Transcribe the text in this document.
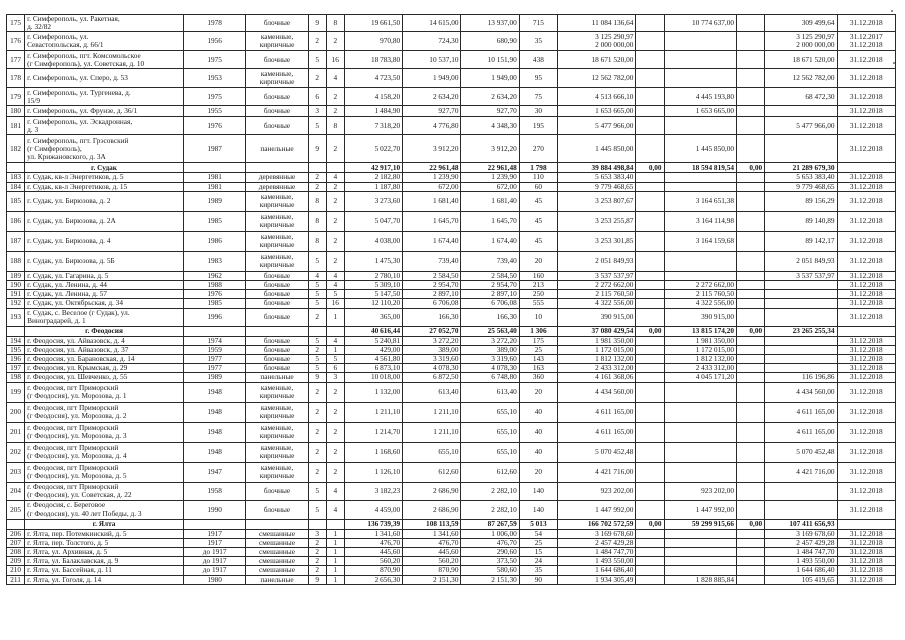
175	г. Симферополь, ул. Ракетная,
д. 32/82	1978	блочные	9	8	19 661,50	14 615,00	13 937,00	715	11 084 136,64		10 774 637,00		309 499,64	31.12.2018
176	г. Симферополь, ул.
Севастопольская, д. 66/1	1956	каменные,
кирпичные	2	2	970,80	724,30	680,90	35	3 125 290,97
2 000 000,00				3 125 290,97
2 000 000,00	31.12.2017
31.12.2018
177	г. Симферополь, пгт. Комсомольское
(г Симферополь), ул. Советская, д. 10	1975	блочные	5	16	18 783,80	10 537,10	10 151,90	438	18 671 520,00				18 671 520,00	31.12.2018
178	г. Симферополь, ул. Сперо, д. 53	1953	каменные,
кирпичные	2	4	4 723,50	1 949,00	1 949,00	95	12 562 782,00				12 562 782,00	31.12.2018
179	г. Симферополь, ул. Тургенева, д.
15/9	1975	блочные	6	2	4 158,20	2 634,20	2 634,20	75	4 513 666,10		4 445 193,80		68 472,30	31.12.2018
180	г. Симферополь, ул. Фрунзе, д. 36/1	1955	блочные	3	2	1 484,90	927,70	927,70	30	1 653 665,00		1 653 665,00			31.12.2018
181	г. Симферополь, ул. Эскадронная,
д. 3	1976	блочные	5	8	7 318,20	4 776,80	4 348,30	195	5 477 966,00				5 477 966,00	31.12.2018
182	г. Симферополь, пгт. Грэсовский
(г Симферополь),
ул. Крижановского, д. 3А	1987	панельные	9	2	5 022,70	3 912,20	3 912,20	270	1 445 850,00		1 445 850,00			31.12.2018
	г. Судак					42 917,10	22 961,48	22 961,48	1 798	39 884 498,84	0,00	18 594 819,54	0,00	21 289 679,30	
183	г. Судак, кв-л Энергетиков, д. 5	1981	деревянные	2	4	2 182,80	1 239,90	1 239,90	110	5 653 383,40				5 653 383,40	31.12.2018
184	г. Судак, кв-л Энергетиков, д. 15	1981	деревянные	2	2	1 187,80	672,00	672,00	60	9 779 468,65				9 779 468,65	31.12.2018
185	г. Судак, ул. Бирюзова, д. 2	1989	каменные,
кирпичные	8	2	3 273,60	1 681,40	1 681,40	45	3 253 807,67		3 164 651,38		89 156,29	31.12.2018
186	г. Судак, ул. Бирюзова, д. 2А	1985	каменные,
кирпичные	8	2	5 047,70	1 645,70	1 645,70	45	3 253 255,87		3 164 114,98		89 140,89	31.12.2018
187	г. Судак, ул. Бирюзова, д. 4	1986	каменные,
кирпичные	8	2	4 038,00	1 674,40	1 674,40	45	3 253 301,85		3 164 159,68		89 142,17	31.12.2018
188	г. Судак, ул. Бирюзова, д. 5Б	1983	каменные,
кирпичные	5	2	1 475,30	739,40	739,40	20	2 051 849,93				2 051 849,93	31.12.2018
189	г. Судак, ул. Гагарина, д. 5	1962	блочные	4	4	2 780,10	2 584,50	2 584,50	160	3 537 537,97				3 537 537,97	31.12.2018
190	г. Судак, ул. Ленина, д. 44	1988	блочные	5	4	5 309,10	2 954,70	2 954,70	213	2 272 662,00		2 272 662,00			31.12.2018
191	г. Судак, ул. Ленина, д. 57	1976	блочные	5	5	5 147,50	2 897,10	2 897,10	250	2 115 760,50		2 115 760,50			31.12.2018
192	г. Судак, ул. Октябрьская, д. 34	1985	блочные	5	16	12 110,20	6 706,08	6 706,08	555	4 322 556,00		4 322 556,00			31.12.2018
193	г. Судак, с. Веселое (г Судак), ул.
Виноградарей, д. 1	1996	блочные	2	1	365,00	166,30	166,30	10	390 915,00		390 915,00			31.12.2018
	г. Феодосия					40 616,44	27 052,70	25 563,40	1 306	37 080 429,54	0,00	13 815 174,20	0,00	23 265 255,34	
194	г. Феодосия, ул. Айвазовск, д. 4	1974	блочные	5	4	5 240,81	3 272,20	3 272,20	175	1 981 350,00		1 981 350,00			31.12.2018
195	г. Феодосия, ул. Айвазовск, д. 37	1959	блочные	2	1	429,00	389,00	389,00	25	1 172 015,00		1 172 015,00			31.12.2018
196	г. Феодосия, ул. Барановская, д. 14	1977	блочные	5	5	4 561,80	3 319,60	3 319,60	143	1 812 132,00		1 812 132,00			31.12.2018
197	г. Феодосия, ул. Крымская, д. 29	1977	блочные	5	6	6 873,10	4 078,30	4 078,30	163	2 433 312,00		2 433 312,00			31.12.2018
198	г. Феодосия, ул. Шевченко, д. 55	1989	панельные	9	3	10 018,00	6 872,50	6 748,80	360	4 161 368,06		4 045 171,20		116 196,86	31.12.2018
199	г. Феодосия, пгт Приморский
(г Феодосия), ул. Морозова, д. 1	1948	каменные,
кирпичные	2	2	1 132,00	613,40	613,40	20	4 434 560,00				4 434 560,00	31.12.2018
200	г. Феодосия, пгт Приморский
(г Феодосия), ул. Морозова, д. 2	1948	каменные,
кирпичные	2	2	1 211,10	1 211,10	655,10	40	4 611 165,00				4 611 165,00	31.12.2018
201	г. Феодосия, пгт Приморский
(г Феодосия), ул. Морозова, д. 3	1948	каменные,
кирпичные	2	2	1 214,70	1 211,10	655,10	40	4 611 165,00				4 611 165,00	31.12.2018
202	г. Феодосия, пгт Приморский
(г Феодосия), ул. Морозова, д. 4	1948	каменные,
кирпичные	2	2	1 168,60	655,10	655,10	40	5 070 452,48				5 070 452,48	31.12.2018
203	г. Феодосия, пгт Приморский
(г Феодосия), ул. Морозова, д. 5	1947	каменные,
кирпичные	2	2	1 126,10	612,60	612,60	20	4 421 716,00				4 421 716,00	31.12.2018
204	г. Феодосия, пгт Приморский
(г Феодосия), ул. Советская, д. 22	1958	блочные	5	4	3 182,23	2 686,90	2 282,10	140	923 202,00		923 202,00			31.12.2018
205	г. Феодосия, с. Береговое
(г Феодосия), ул. 40 лет Победы, д. 3	1990	блочные	5	4	4 459,00	2 686,90	2 282,10	140	1 447 992,00		1 447 992,00			31.12.2018
	г. Ялта					136 739,39	108 113,59	87 267,59	5 013	166 702 572,59	0,00	59 299 915,66	0,00	107 411 656,93	
206	г. Ялта, пер. Потемкинский, д. 5	1917	смешанные	3	1	1 341,60	1 341,60	1 006,00	54	3 169 678,60				3 169 678,60	31.12.2018
207	г. Ялта, пер. Толстого, д. 5	1917	смешанные	2	1	476,70	476,70	476,70	25	2 457 429,28				2 457 429,28	31.12.2018
208	г. Ялта, ул. Архивная, д. 5	до 1917	смешанные	2	1	445,60	445,60	290,60	15	1 484 747,70				1 484 747,70	31.12.2018
209	г. Ялта, ул. Балаклавская, д. 9	до 1917	смешанные	2	1	560,20	560,20	373,50	24	1 493 550,00				1 493 550,00	31.12.2018
210	г. Ялта, ул. Бассейная, д. 11	до 1917	смешанные	2	1	870,90	870,90	580,60	35	1 644 686,40				1 644 686,40	31.12.2018
211	г. Ялта, ул. Гоголя, д. 14	1980	панельные	9	1	2 656,30	2 151,30	2 151,30	90	1 934 305,49		1 828 885,84		105 419,65	31.12.2018
